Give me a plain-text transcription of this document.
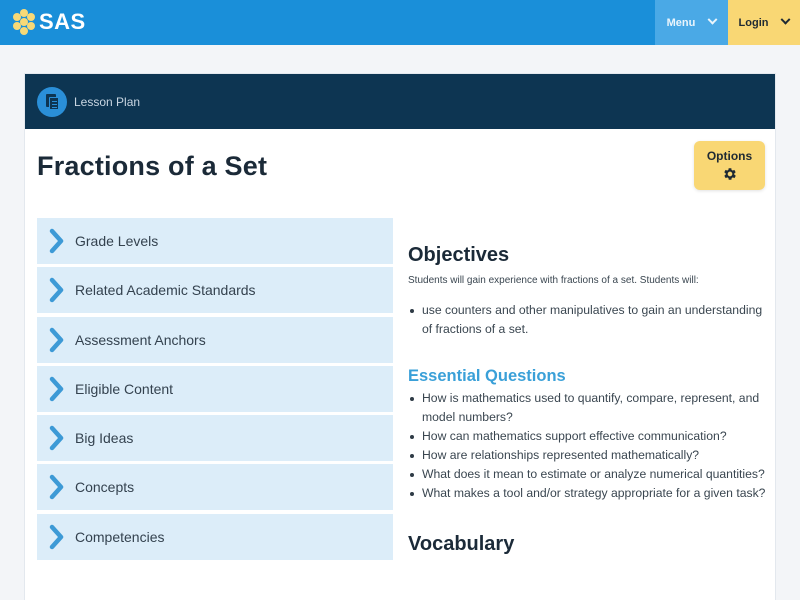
SAS	Menu	Login
Lesson Plan
Fractions of a Set	Options
Grade Levels
Related Academic Standards
Assessment Anchors
Eligible Content
Big Ideas
Concepts
Competencies
Objectives

Students will gain experience with fractions of a set. Students will:

use counters and other manipulatives to gain an understanding of fractions of a set.
Essential Questions
How is mathematics used to quantify, compare, represent, and model numbers?
How can mathematics support effective communication?
How are relationships represented mathematically?
What does it mean to estimate or analyze numerical quantities?
What makes a tool and/or strategy appropriate for a given task?
Vocabulary
